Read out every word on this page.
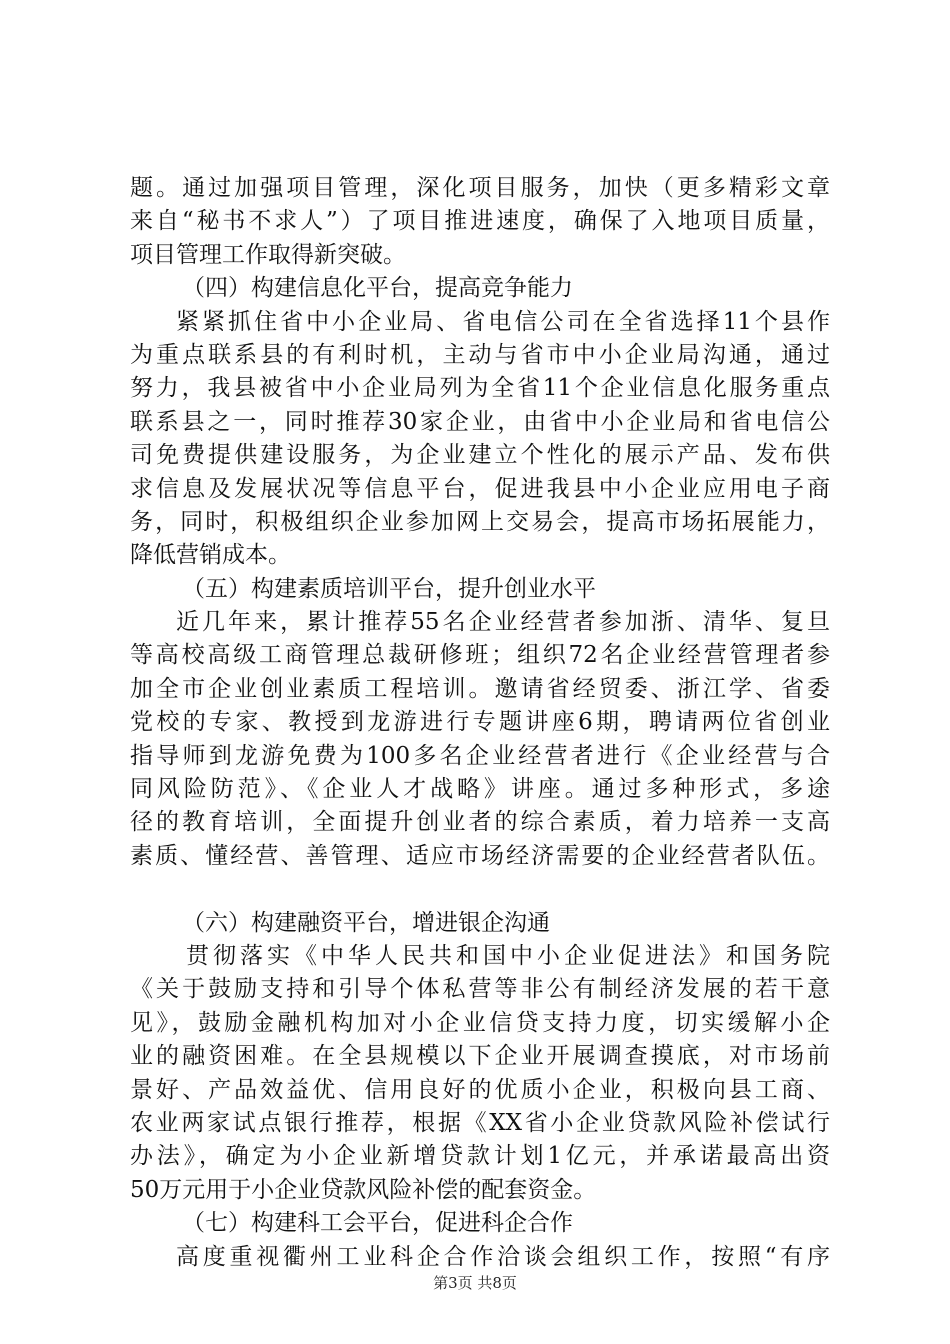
题。通过加强项目管理，深化项目服务，加快（更多精彩文章
来自“秘书不求人”）了项目推进速度，确保了入地项目质量，
项目管理工作取得新突破。
（四）构建信息化平台，提高竞争能力
紧紧抓住省中小企业局、省电信公司在全省选择11个县作
为重点联系县的有利时机，主动与省市中小企业局沟通，通过
努力，我县被省中小企业局列为全省11个企业信息化服务重点
联系县之一，同时推荐30家企业，由省中小企业局和省电信公
司免费提供建设服务，为企业建立个性化的展示产品、发布供
求信息及发展状况等信息平台，促进我县中小企业应用电子商
务，同时，积极组织企业参加网上交易会，提高市场拓展能力，
降低营销成本。
（五）构建素质培训平台，提升创业水平
近几年来，累计推荐55名企业经营者参加浙、清华、复旦
等高校高级工商管理总裁研修班；组织72名企业经营管理者参
加全市企业创业素质工程培训。邀请省经贸委、浙江学、省委
党校的专家、教授到龙游进行专题讲座6期，聘请两位省创业
指导师到龙游免费为100多名企业经营者进行《企业经营与合
同风险防范》、《企业人才战略》讲座。通过多种形式，多途
径的教育培训，全面提升创业者的综合素质，着力培养一支高
素质、懂经营、善管理、适应市场经济需要的企业经营者队伍。
（六）构建融资平台，增进银企沟通
贯彻落实《中华人民共和国中小企业促进法》和国务院
《关于鼓励支持和引导个体私营等非公有制经济发展的若干意
见》，鼓励金融机构加对小企业信贷支持力度，切实缓解小企
业的融资困难。在全县规模以下企业开展调查摸底，对市场前
景好、产品效益优、信用良好的优质小企业，积极向县工商、
农业两家试点银行推荐，根据《XX省小企业贷款风险补偿试行
办法》，确定为小企业新增贷款计划1亿元，并承诺最高出资
50万元用于小企业贷款风险补偿的配套资金。
（七）构建科工会平台，促进科企合作
高度重视衢州工业科企合作洽谈会组织工作，按照“有序
第3页 共8页
